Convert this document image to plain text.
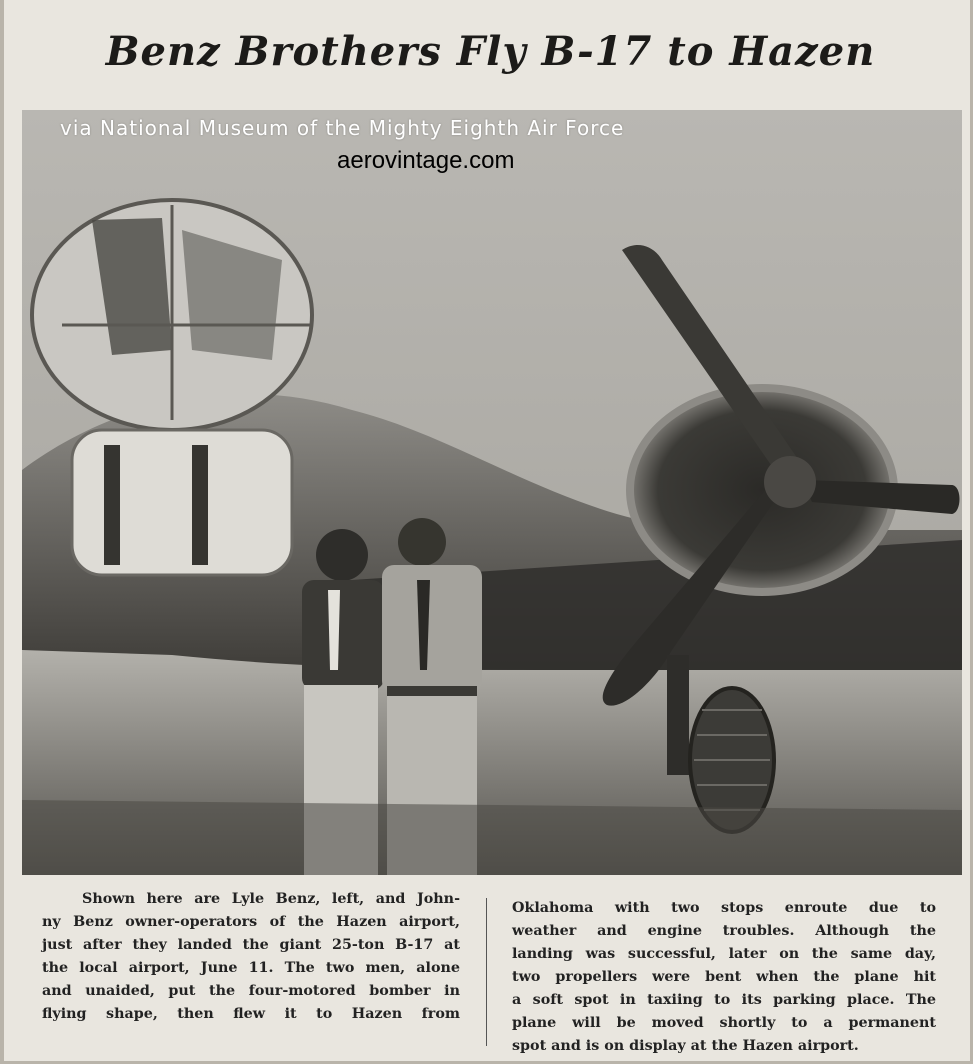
Benz Brothers Fly B-17 to Hazen
via National Museum of the Mighty Eighth Air Force
aerovintage.com
Shown here are Lyle Benz, left, and John-
ny Benz owner-operators of the Hazen airport,
just after they landed the giant 25-ton B-17 at
the local airport, June 11. The two men, alone
and unaided, put the four-motored bomber in
flying shape, then flew it to Hazen from
Oklahoma with two stops enroute due to
weather and engine troubles. Although the
landing was successful, later on the same day,
two propellers were bent when the plane hit
a soft spot in taxiing to its parking place. The
plane will be moved shortly to a permanent
spot and is on display at the Hazen airport.
